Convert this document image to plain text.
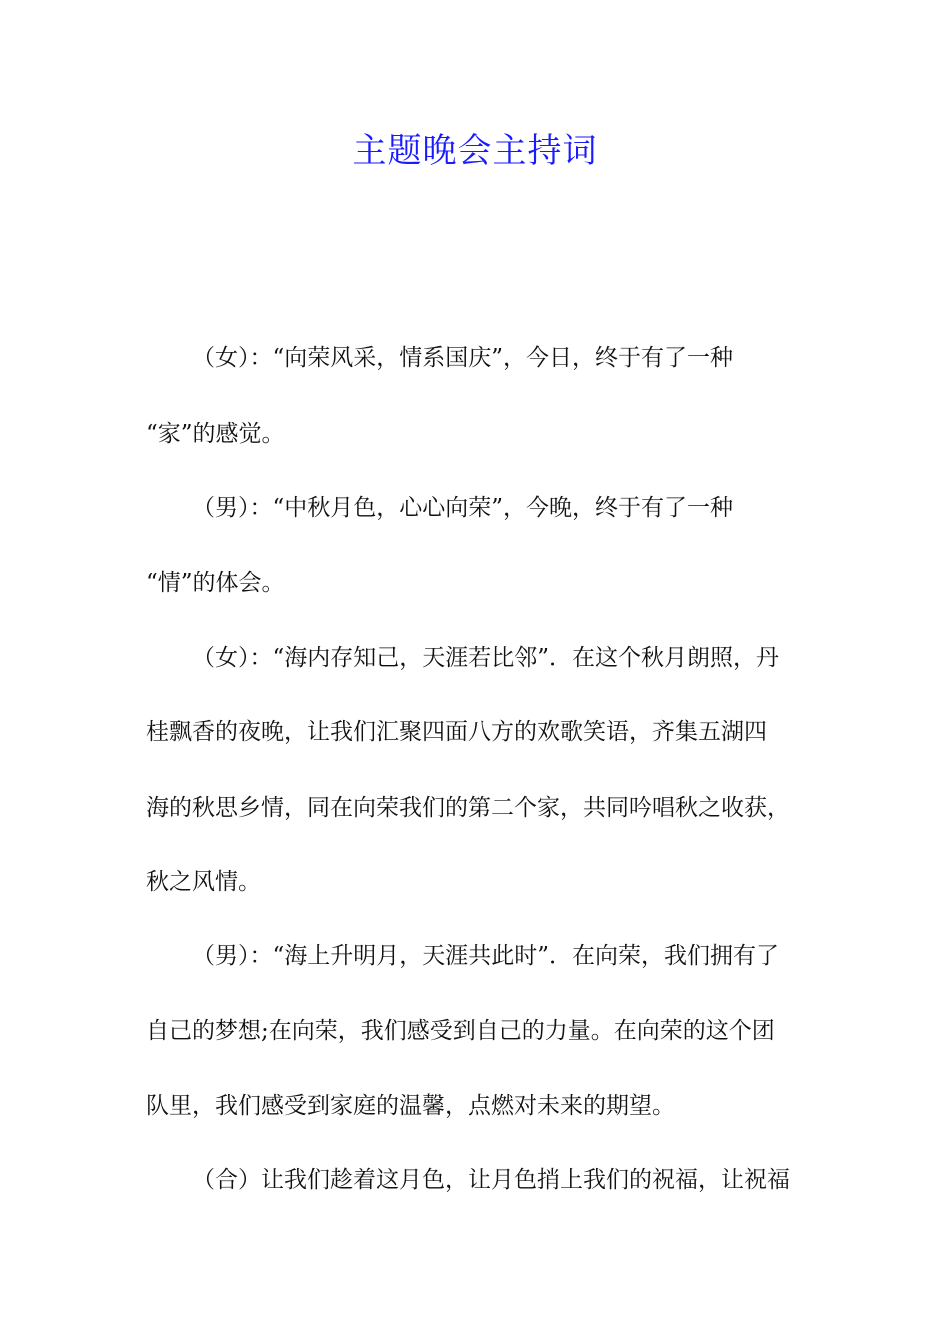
主题晚会主持词

（女）：“向荣风采，情系国庆”，今日，终于有了一种

“家”的感觉。

（男）：“中秋月色，心心向荣”，今晚，终于有了一种

“情”的体会。

（女）：“海内存知己，天涯若比邻”．在这个秋月朗照，丹

桂飘香的夜晚，让我们汇聚四面八方的欢歌笑语，齐集五湖四

海的秋思乡情，同在向荣我们的第二个家，共同吟唱秋之收获，

秋之风情。

（男）：“海上升明月，天涯共此时”．在向荣，我们拥有了

自己的梦想;在向荣，我们感受到自己的力量。在向荣的这个团

队里，我们感受到家庭的温馨，点燃对未来的期望。

（合）让我们趁着这月色，让月色捎上我们的祝福，让祝福
